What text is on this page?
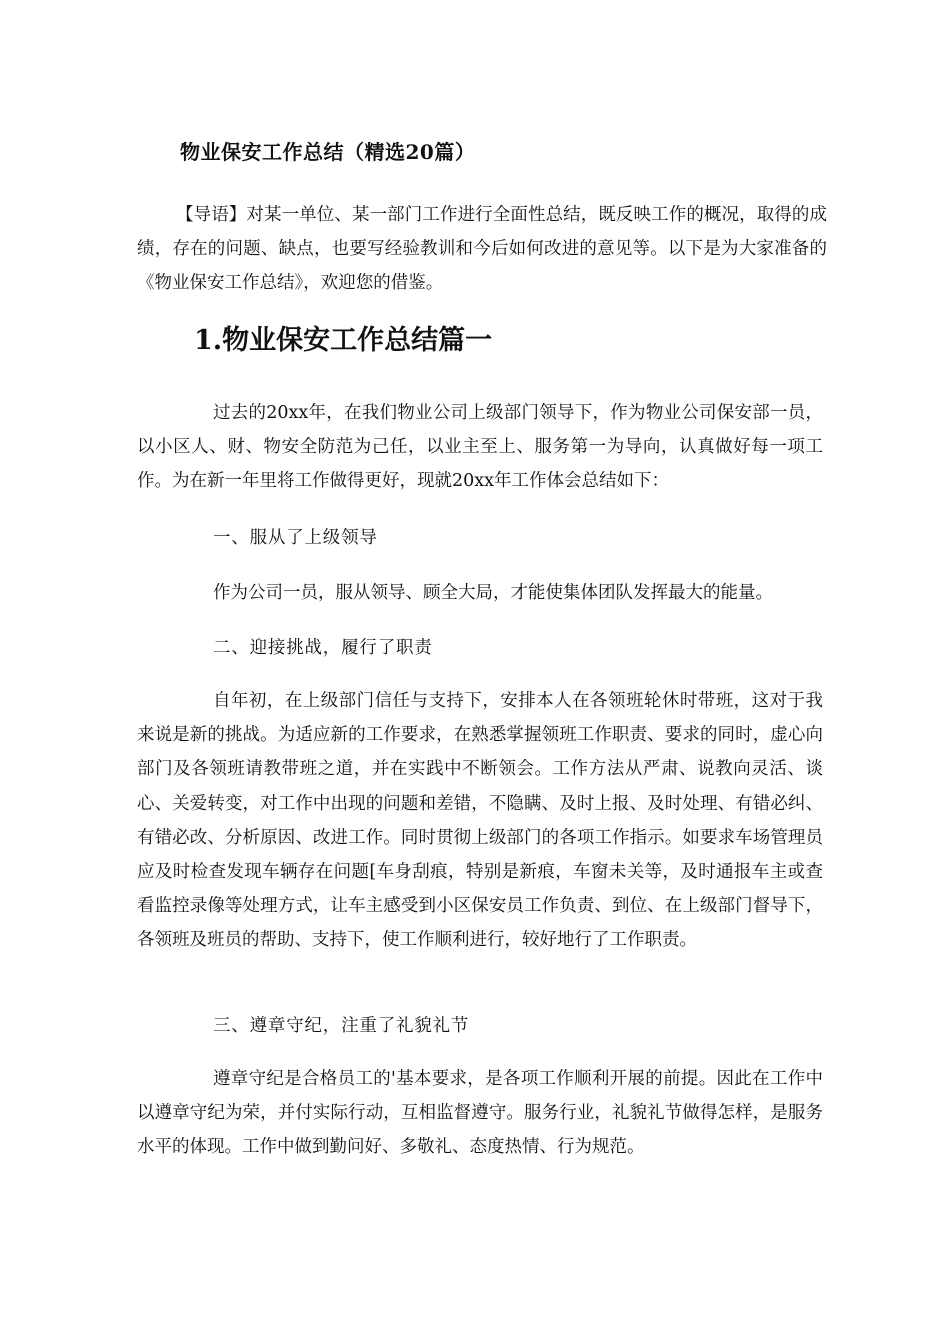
物业保安工作总结（精选20篇）

【导语】对某一单位、某一部门工作进行全面性总结，既反映工作的概况，取得的成绩，存在的问题、缺点，也要写经验教训和今后如何改进的意见等。以下是为大家准备的《物业保安工作总结》，欢迎您的借鉴。

1.物业保安工作总结篇一

过去的20xx年，在我们物业公司上级部门领导下，作为物业公司保安部一员，以小区人、财、物安全防范为己任，以业主至上、服务第一为导向，认真做好每一项工作。为在新一年里将工作做得更好，现就20xx年工作体会总结如下：

一、服从了上级领导

作为公司一员，服从领导、顾全大局，才能使集体团队发挥最大的能量。

二、迎接挑战，履行了职责

自年初，在上级部门信任与支持下，安排本人在各领班轮休时带班，这对于我来说是新的挑战。为适应新的工作要求，在熟悉掌握领班工作职责、要求的同时，虚心向部门及各领班请教带班之道，并在实践中不断领会。工作方法从严肃、说教向灵活、谈心、关爱转变，对工作中出现的问题和差错，不隐瞒、及时上报、及时处理、有错必纠、有错必改、分析原因、改进工作。同时贯彻上级部门的各项工作指示。如要求车场管理员应及时检查发现车辆存在问题[车身刮痕，特别是新痕，车窗未关等，及时通报车主或查看监控录像等处理方式，让车主感受到小区保安员工作负责、到位、在上级部门督导下，各领班及班员的帮助、支持下，使工作顺利进行，较好地行了工作职责。

三、遵章守纪，注重了礼貌礼节

遵章守纪是合格员工的'基本要求，是各项工作顺利开展的前提。因此在工作中以遵章守纪为荣，并付实际行动，互相监督遵守。服务行业，礼貌礼节做得怎样，是服务水平的体现。工作中做到勤问好、多敬礼、态度热情、行为规范。
